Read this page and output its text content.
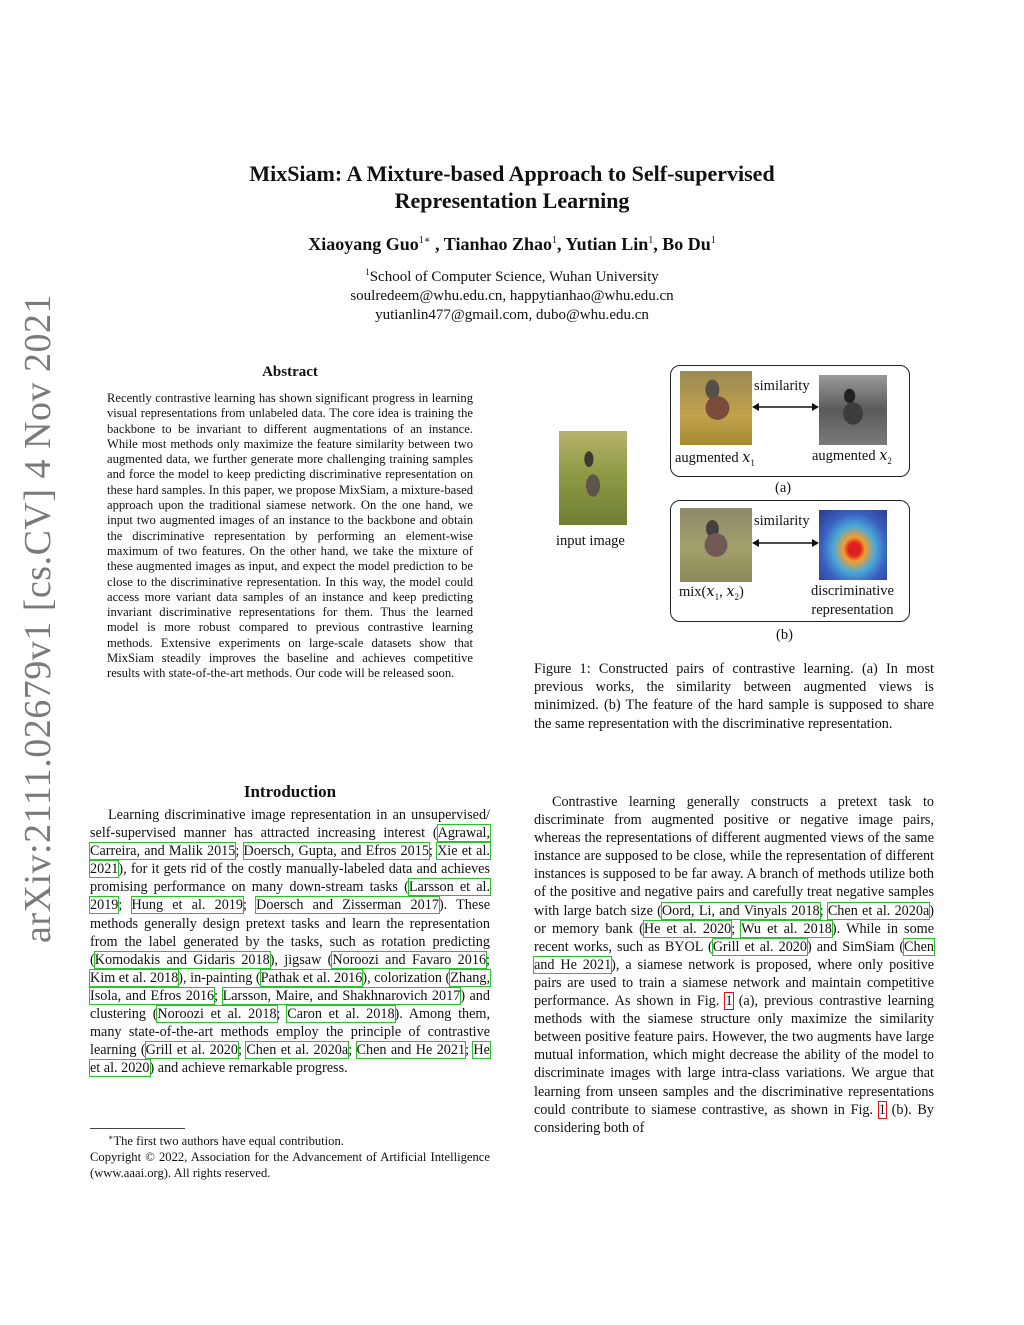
arXiv:2111.02679v1 [cs.CV] 4 Nov 2021
MixSiam: A Mixture-based Approach to Self-supervised
Representation Learning
Xiaoyang Guo$^{1∗}$ , Tianhao Zhao$^1$, Yutian Lin$^1$, Bo Du$^1$
$^1$School of Computer Science, Wuhan University
soulredeem@whu.edu.cn, happytianhao@whu.edu.cn
yutianlin477@gmail.com, dubo@whu.edu.cn
Abstract
Recently contrastive learning has shown significant progress in learning visual representations from unlabeled data. The core idea is training the backbone to be invariant to different augmentations of an instance. While most methods only maximize the feature similarity between two augmented data, we further generate more challenging training samples and force the model to keep predicting discriminative representation on these hard samples. In this paper, we propose MixSiam, a mixture-based approach upon the traditional siamese network. On the one hand, we input two augmented images of an instance to the backbone and obtain the discriminative representation by performing an element-wise maximum of two features. On the other hand, we take the mixture of these augmented images as input, and expect the model prediction to be close to the discriminative representation. In this way, the model could access more variant data samples of an instance and keep predicting invariant discriminative representations for them. Thus the learned model is more robust compared to previous contrastive learning methods. Extensive experiments on large-scale datasets show that MixSiam steadily improves the baseline and achieves competitive results with state-of-the-art methods. Our code will be released soon.
Introduction
Learning discriminative image representation in an unsupervised/ self-supervised manner has attracted increasing interest (Agrawal, Carreira, and Malik 2015; Doersch, Gupta, and Efros 2015; Xie et al. 2021), for it gets rid of the costly manually-labeled data and achieves promising performance on many down-stream tasks (Larsson et al. 2019; Hung et al. 2019; Doersch and Zisserman 2017). These methods generally design pretext tasks and learn the representation from the label generated by the tasks, such as rotation predicting (Komodakis and Gidaris 2018), jigsaw (Noroozi and Favaro 2016; Kim et al. 2018), in-painting (Pathak et al. 2016), colorization (Zhang, Isola, and Efros 2016; Larsson, Maire, and Shakhnarovich 2017) and clustering (Noroozi et al. 2018; Caron et al. 2018). Among them, many state-of-the-art methods employ the principle of contrastive learning (Grill et al. 2020; Chen et al. 2020a; Chen and He 2021; He et al. 2020) and achieve remarkable progress.
∗The first two authors have equal contribution.
Copyright © 2022, Association for the Advancement of Artificial Intelligence (www.aaai.org). All rights reserved.
input image
similarity
augmented 𝑥$_1$	augmented 𝑥$_2$
(a)
similarity
mix(𝑥$_1$, 𝑥$_2$)	discriminative
representation
(b)
Figure 1: Constructed pairs of contrastive learning. (a) In most previous works, the similarity between augmented views is minimized. (b) The feature of the hard sample is supposed to share the same representation with the discriminative representation.
Contrastive learning generally constructs a pretext task to discriminate from augmented positive or negative image pairs, whereas the representations of different augmented views of the same instance are supposed to be close, while the representation of different instances is supposed to be far away. A branch of methods utilize both of the positive and negative pairs and carefully treat negative samples with large batch size (Oord, Li, and Vinyals 2018; Chen et al. 2020a) or memory bank (He et al. 2020; Wu et al. 2018). While in some recent works, such as BYOL (Grill et al. 2020) and SimSiam (Chen and He 2021), a siamese network is proposed, where only positive pairs are used to train a siamese network and maintain competitive performance. As shown in Fig. 1 (a), previous contrastive learning methods with the siamese structure only maximize the similarity between positive feature pairs. However, the two augments have large mutual information, which might decrease the ability of the model to discriminate images with large intra-class variations. We argue that learning from unseen samples and the discriminative representations could contribute to siamese contrastive, as shown in Fig. 1 (b). By considering both of
